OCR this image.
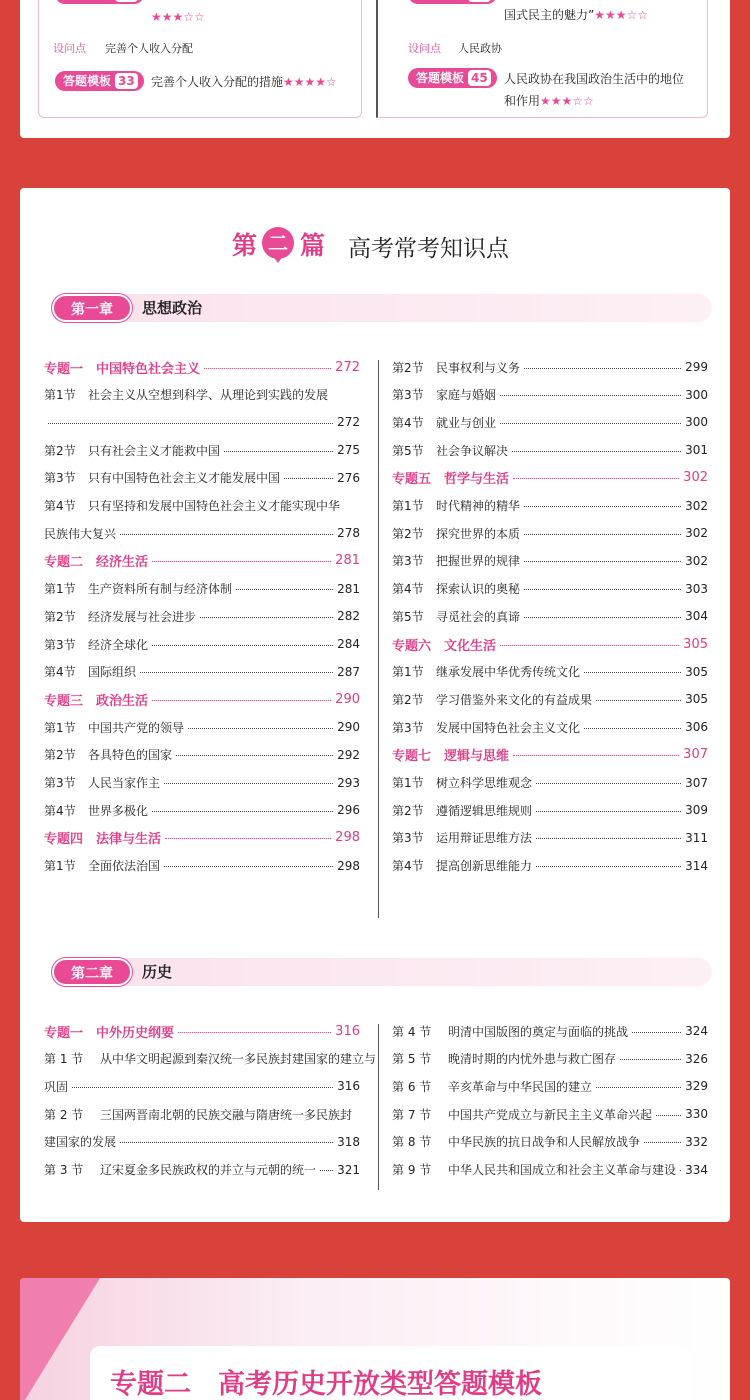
★★★☆☆
设问点 完善个人收入分配
答题模板 33	完善个人收入分配的措施★★★★☆
国式民主的魅力”★★★☆☆
设问点 人民政协
答题模板 45	人民政协在我国政治生活中的地位
和作用★★★☆☆
第 二 篇 高考常考知识点
第一章	思想政治
专题一　中国特色社会主义	272
第1节	社会主义从空想到科学、从理论到实践的发展
272
第2节	只有社会主义才能救中国	275
第3节	只有中国特色社会主义才能发展中国	276
第4节	只有坚持和发展中国特色社会主义才能实现中华
民族伟大复兴	278
专题二　经济生活	281
第1节	生产资料所有制与经济体制	281
第2节	经济发展与社会进步	282
第3节	经济全球化	284
第4节	国际组织	287
专题三　政治生活	290
第1节	中国共产党的领导	290
第2节	各具特色的国家	292
第3节	人民当家作主	293
第4节	世界多极化	296
专题四　法律与生活	298
第1节	全面依法治国	298
第2节	民事权利与义务	299
第3节	家庭与婚姻	300
第4节	就业与创业	300
第5节	社会争议解决	301
专题五　哲学与生活	302
第1节	时代精神的精华	302
第2节	探究世界的本质	302
第3节	把握世界的规律	302
第4节	探索认识的奥秘	303
第5节	寻觅社会的真谛	304
专题六　文化生活	305
第1节	继承发展中华优秀传统文化	305
第2节	学习借鉴外来文化的有益成果	305
第3节	发展中国特色社会主义文化	306
专题七　逻辑与思维	307
第1节	树立科学思维观念	307
第2节	遵循逻辑思维规则	309
第3节	运用辩证思维方法	311
第4节	提高创新思维能力	314
第二章	历史
专题一　中外历史纲要	316
第 1 节	从中华文明起源到秦汉统一多民族封建国家的建立与
巩固	316
第 2 节	三国两晋南北朝的民族交融与隋唐统一多民族封
建国家的发展	318
第 3 节	辽宋夏金多民族政权的并立与元朝的统一 321
第 4 节	明清中国版图的奠定与面临的挑战	324
第 5 节	晚清时期的内忧外患与救亡图存	326
第 6 节	辛亥革命与中华民国的建立	329
第 7 节	中国共产党成立与新民主主义革命兴起	330
第 8 节	中华民族的抗日战争和人民解放战争	332
第 9 节	中华人民共和国成立和社会主义革命与建设 334
专题二　高考历史开放类型答题模板
